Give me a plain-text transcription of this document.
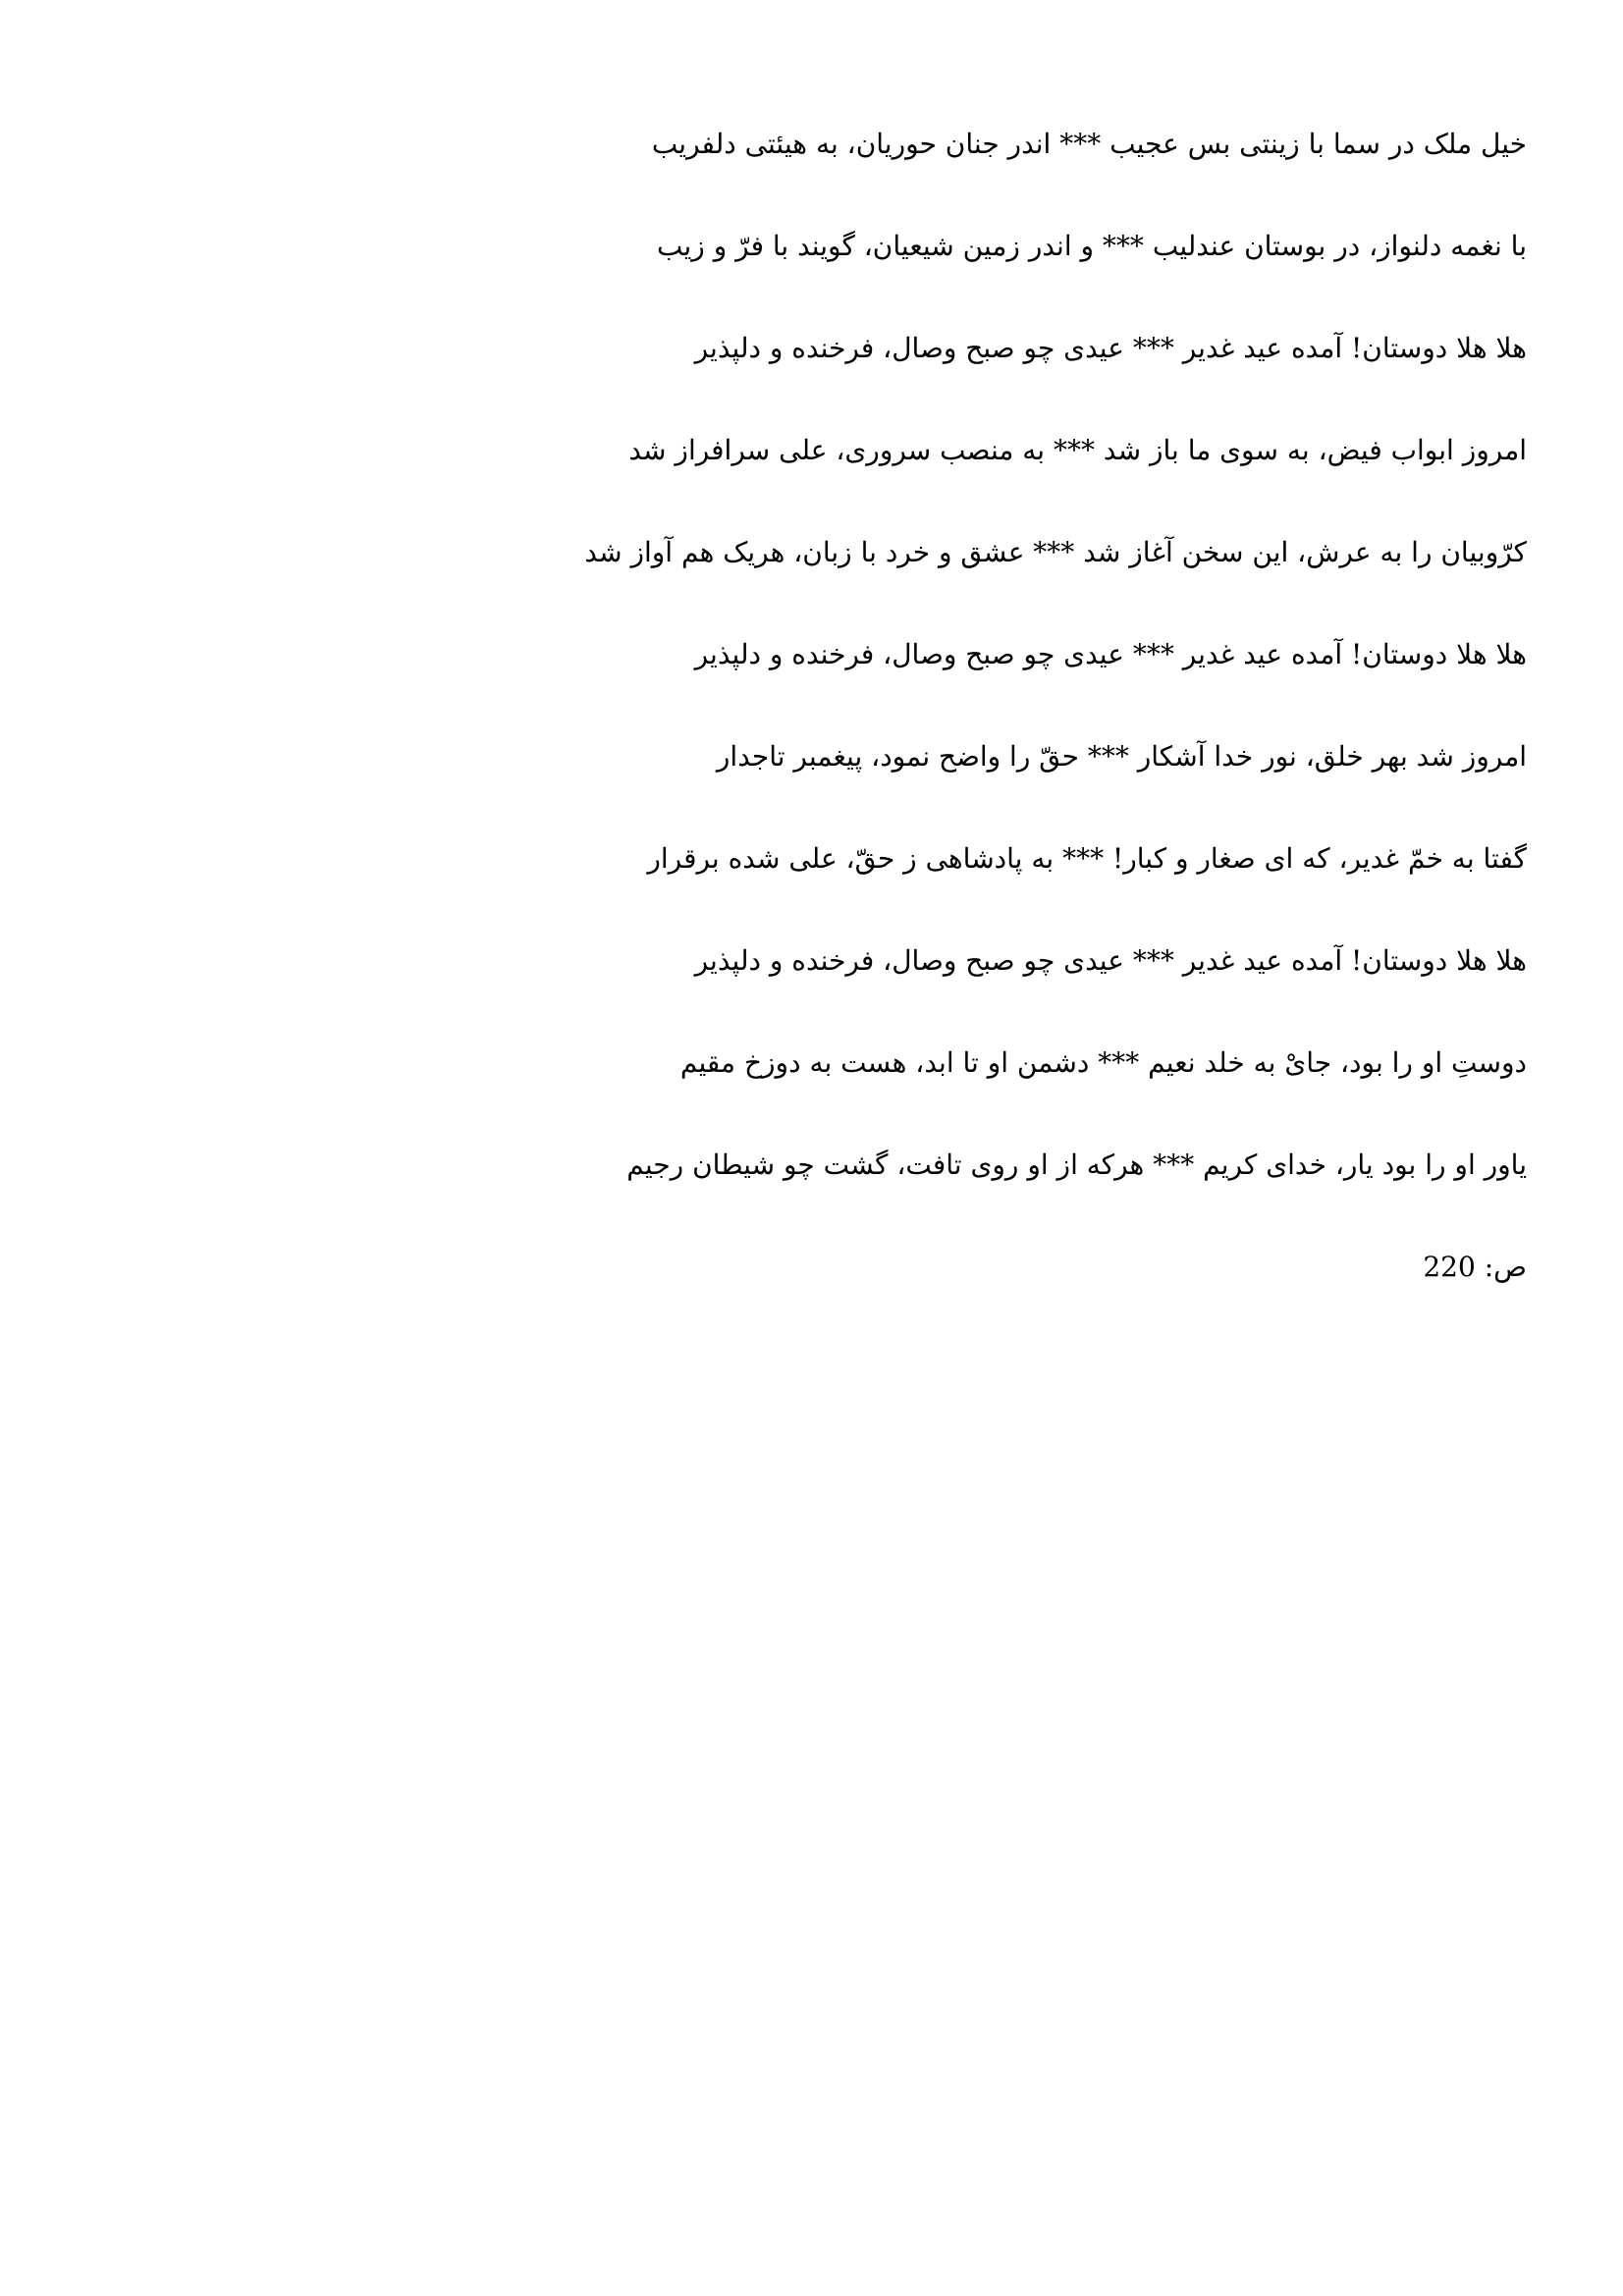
خیل ملک در سما با زینتی بس عجیب *** اندر جنان حوریان، به هیئتی دلفریب
با نغمه دلنواز، در بوستان عندلیب *** و اندر زمین شیعیان، گویند با فرّ و زیب
هلا هلا دوستان! آمده عید غدیر *** عیدی چو صبح وصال، فرخنده و دلپذیر
امروز ابواب فیض، به سوی ما باز شد *** به منصب سروری، علی سرافراز شد
کرّوبیان را به عرش، این سخن آغاز شد *** عشق و خرد با زبان، هریک هم آواز شد
هلا هلا دوستان! آمده عید غدیر *** عیدی چو صبح وصال، فرخنده و دلپذیر
امروز شد بهر خلق، نور خدا آشکار *** حقّ را واضح نمود، پیغمبر تاجدار
گفتا به خمّ غدیر، که ای صغار و کبار! *** به پادشاهی ز حقّ، علی شده برقرار
هلا هلا دوستان! آمده عید غدیر *** عیدی چو صبح وصال، فرخنده و دلپذیر
دوستِ او را بود، جایْ به خلد نعیم *** دشمن او تا ابد، هست به دوزخ مقیم
یاور او را بود یار، خدای کریم *** هرکه از او روی تافت، گشت چو شیطان رجیم
ص: 220
